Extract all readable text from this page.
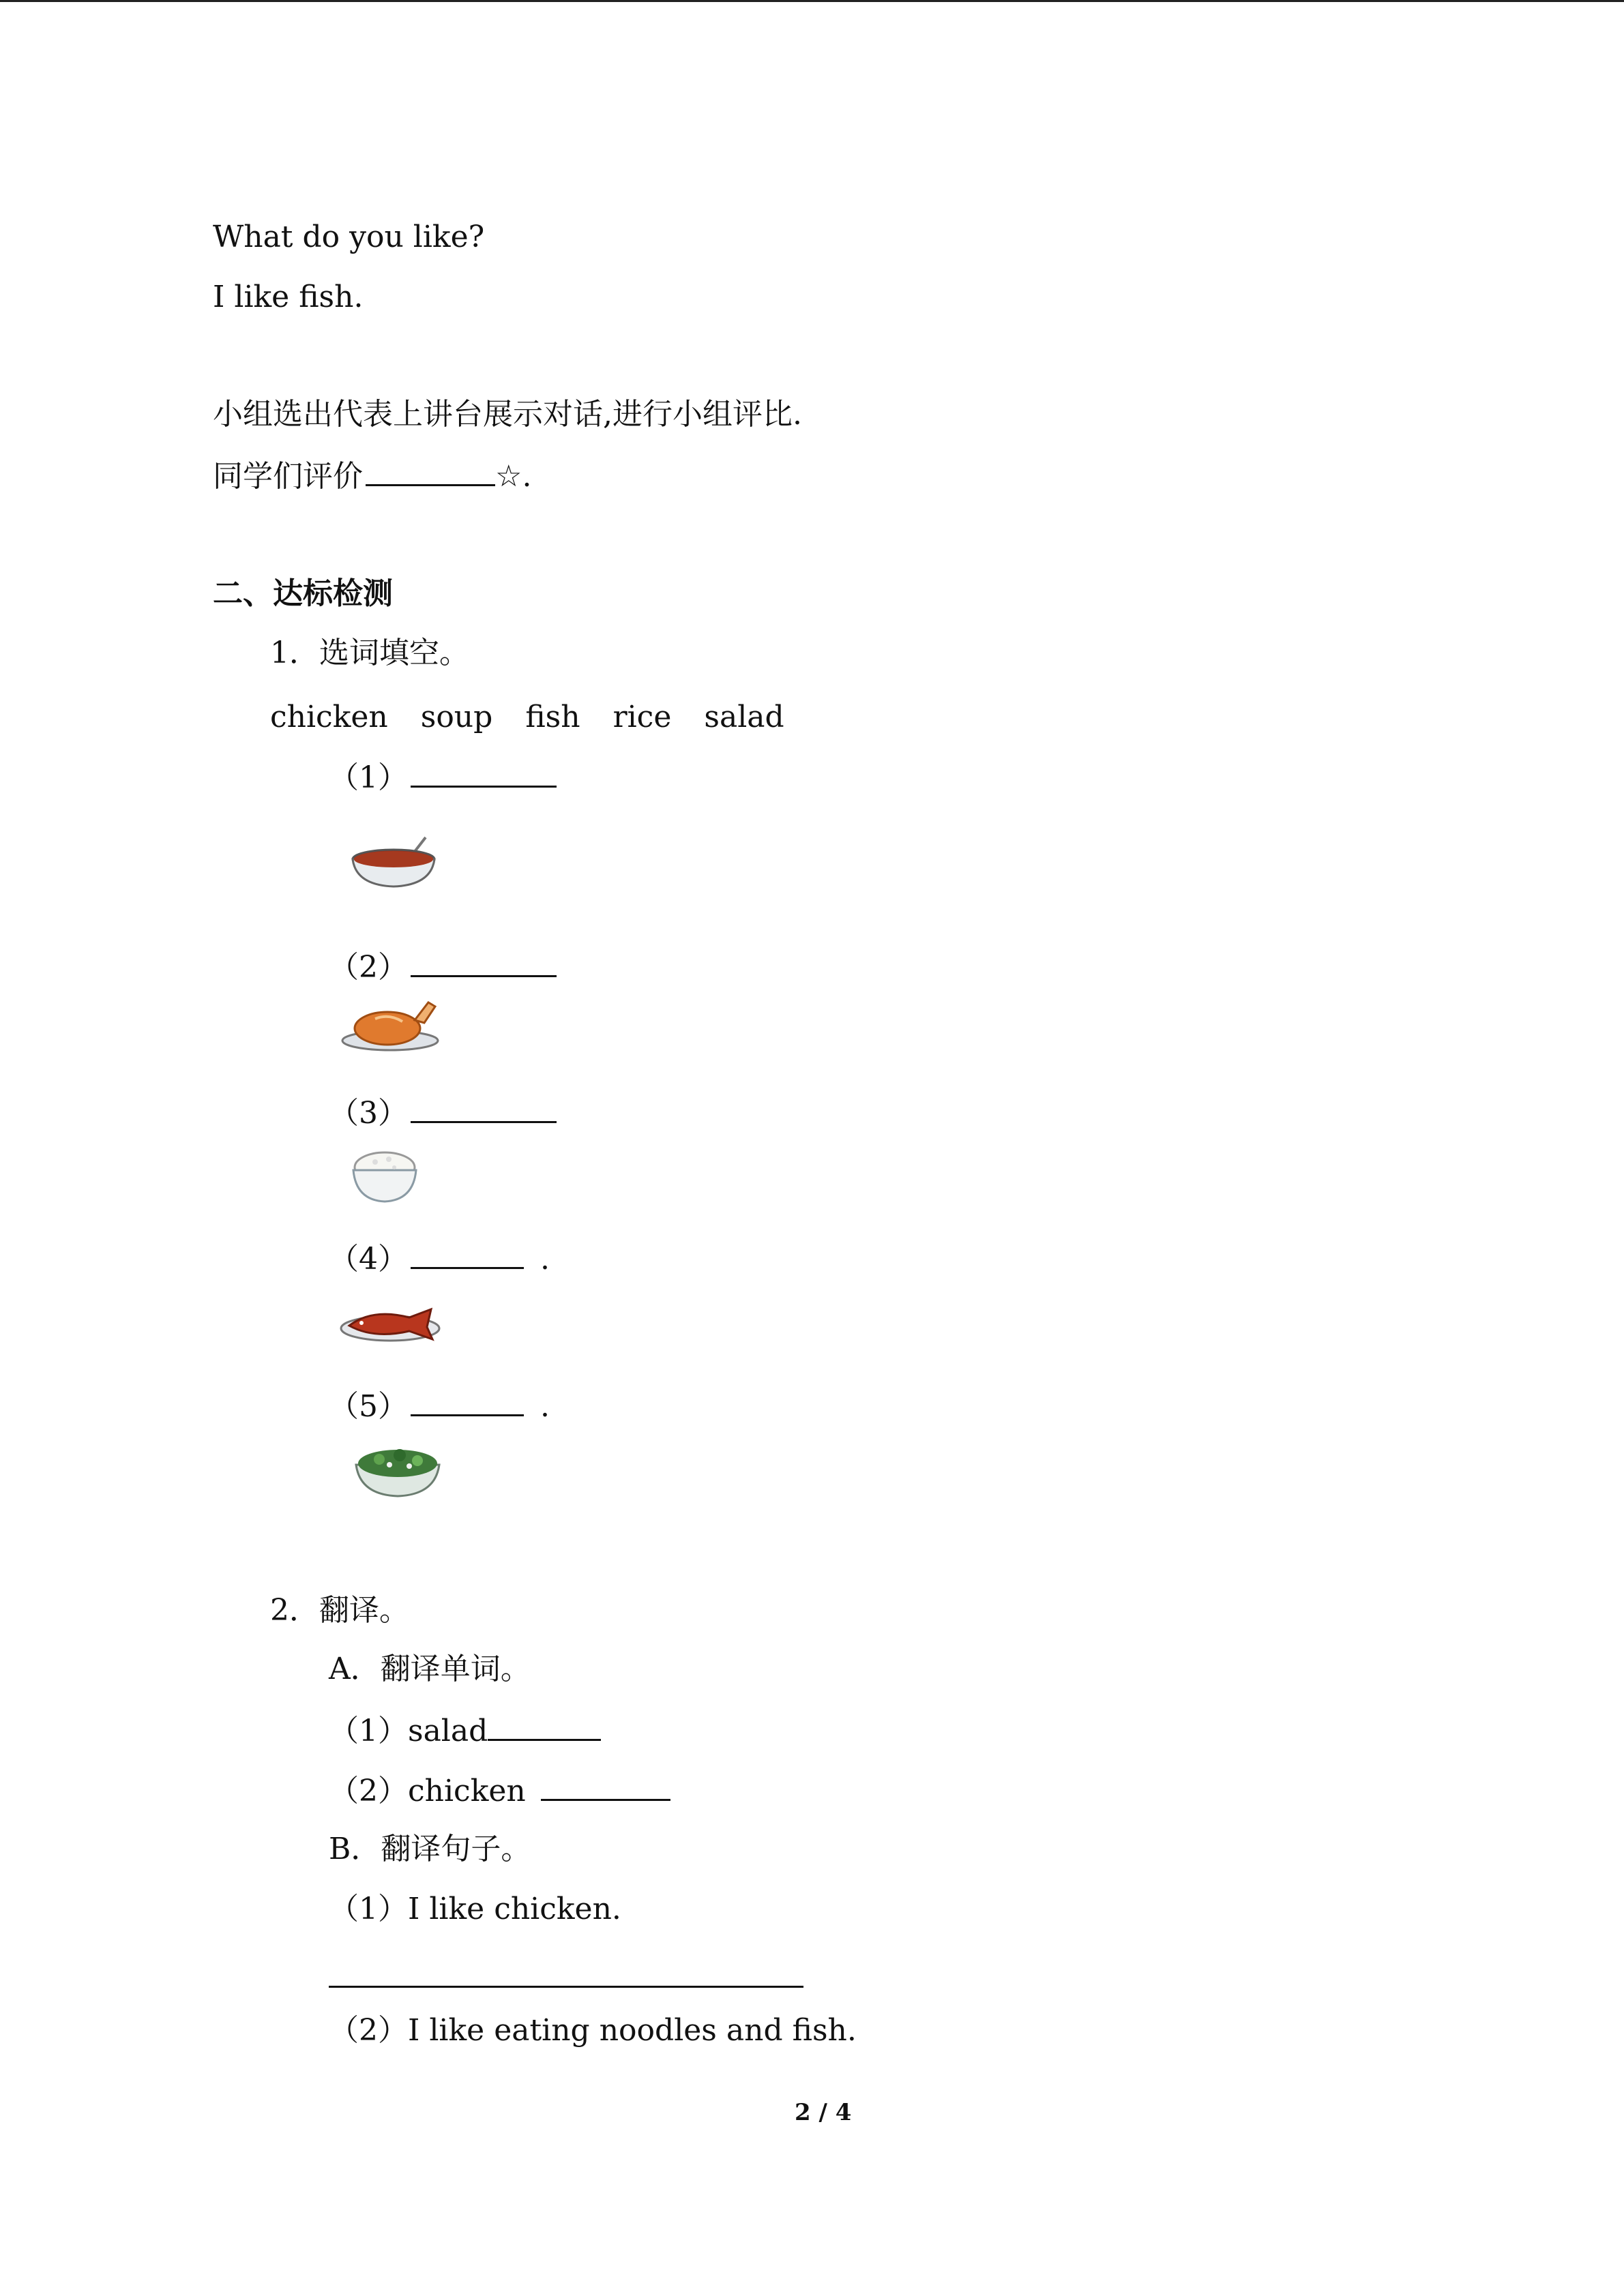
What do you like?
I like fish.
小组选出代表上讲台展示对话,进行小组评比.
同学们评价	☆.
二、达标检测
1．选词填空。
chicken soup fish rice salad
（1）
（2）
（3）
（4）	.
（5）	.
2．翻译。
A．翻译单词。
（1）salad
（2）chicken
B．翻译句子。
（1）I like chicken.
（2）I like eating noodles and fish.
2 / 4
